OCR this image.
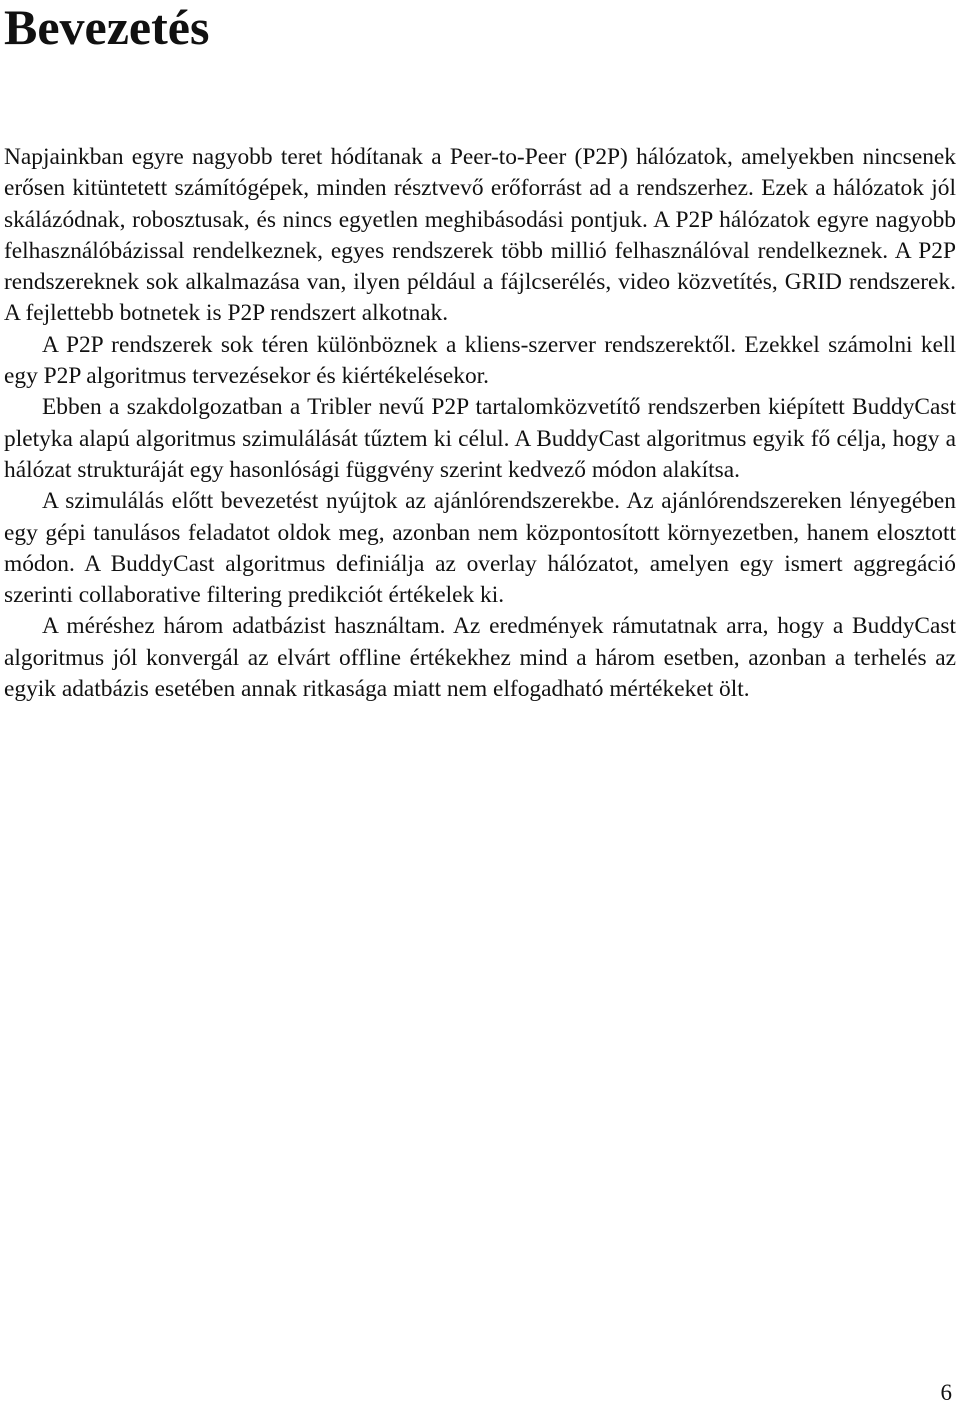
Bevezetés

Napjainkban egyre nagyobb teret hódítanak a Peer-to-Peer (P2P) hálózatok, amelyekben nincsenek erősen kitüntetett számítógépek, minden résztvevő erőforrást ad a rendszerhez. Ezek a hálózatok jól skálázódnak, robosztusak, és nincs egyetlen meghibásodási pontjuk. A P2P hálózatok egyre nagyobb felhasználóbázissal rendelkeznek, egyes rendszerek több millió felhasználóval rendelkeznek. A P2P rendszereknek sok alkalmazása van, ilyen például a fájlcserélés, video közvetítés, GRID rendszerek. A fejlettebb botnetek is P2P rendszert alkotnak.

A P2P rendszerek sok téren különböznek a kliens-szerver rendszerektől. Ezekkel számolni kell egy P2P algoritmus tervezésekor és kiértékelésekor.

Ebben a szakdolgozatban a Tribler nevű P2P tartalomközvetítő rendszerben kiépített BuddyCast pletyka alapú algoritmus szimulálását tűztem ki célul. A BuddyCast algoritmus egyik fő célja, hogy a hálózat strukturáját egy hasonlósági függvény szerint kedvező módon alakítsa.

A szimulálás előtt bevezetést nyújtok az ajánlórendszerekbe. Az ajánlórendszereken lényegében egy gépi tanulásos feladatot oldok meg, azonban nem központosított környezetben, hanem elosztott módon. A BuddyCast algoritmus definiálja az overlay hálózatot, amelyen egy ismert aggregáció szerinti collaborative filtering predikciót értékelek ki.

A méréshez három adatbázist használtam. Az eredmények rámutatnak arra, hogy a BuddyCast algoritmus jól konvergál az elvárt offline értékekhez mind a három esetben, azonban a terhelés az egyik adatbázis esetében annak ritkasága miatt nem elfogadható mértékeket ölt.

6
